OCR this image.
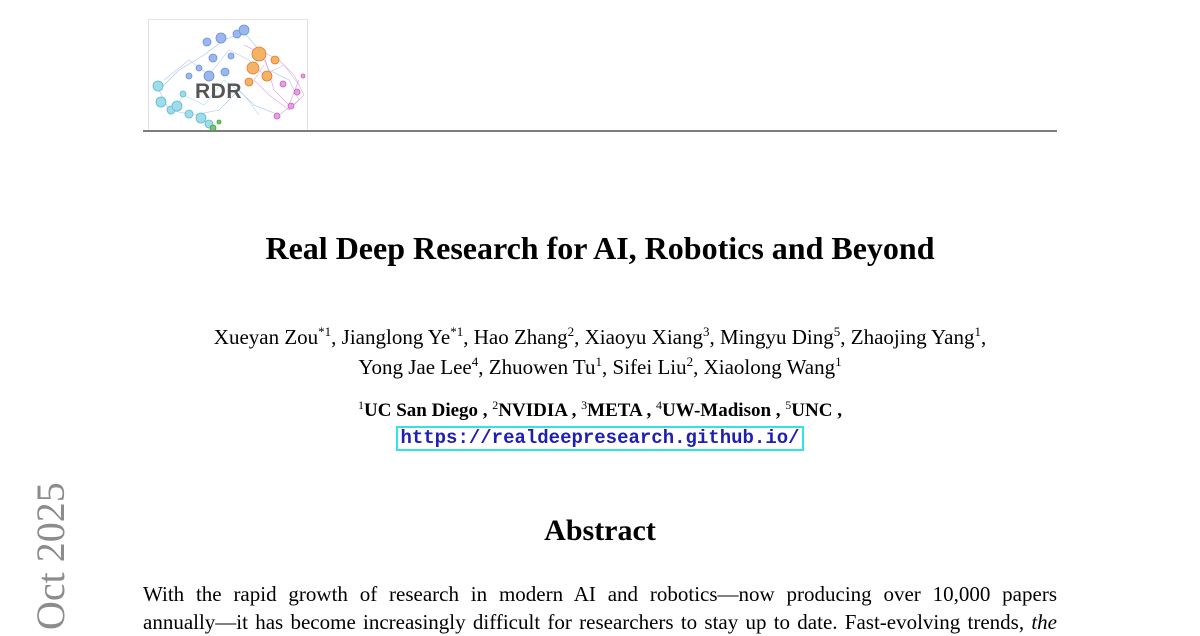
RDR
Real Deep Research for AI, Robotics and Beyond
Xueyan Zou$^{*1}$, Jianglong Ye$^{*1}$, Hao Zhang$^2$, Xiaoyu Xiang$^3$, Mingyu Ding$^5$, Zhaojing Yang$^1$,
Yong Jae Lee$^4$, Zhuowen Tu$^1$, Sifei Liu$^2$, Xiaolong Wang$^1$
$^1$UC San Diego , $^2$NVIDIA , $^3$META , $^4$UW-Madison , $^5$UNC ,
https://realdeepresearch.github.io/
Abstract
With the rapid growth of research in modern AI and robotics—now producing over 10,000 papers
annually—it has become increasingly difficult for researchers to stay up to date. Fast-evolving trends, the
Oct 2025
